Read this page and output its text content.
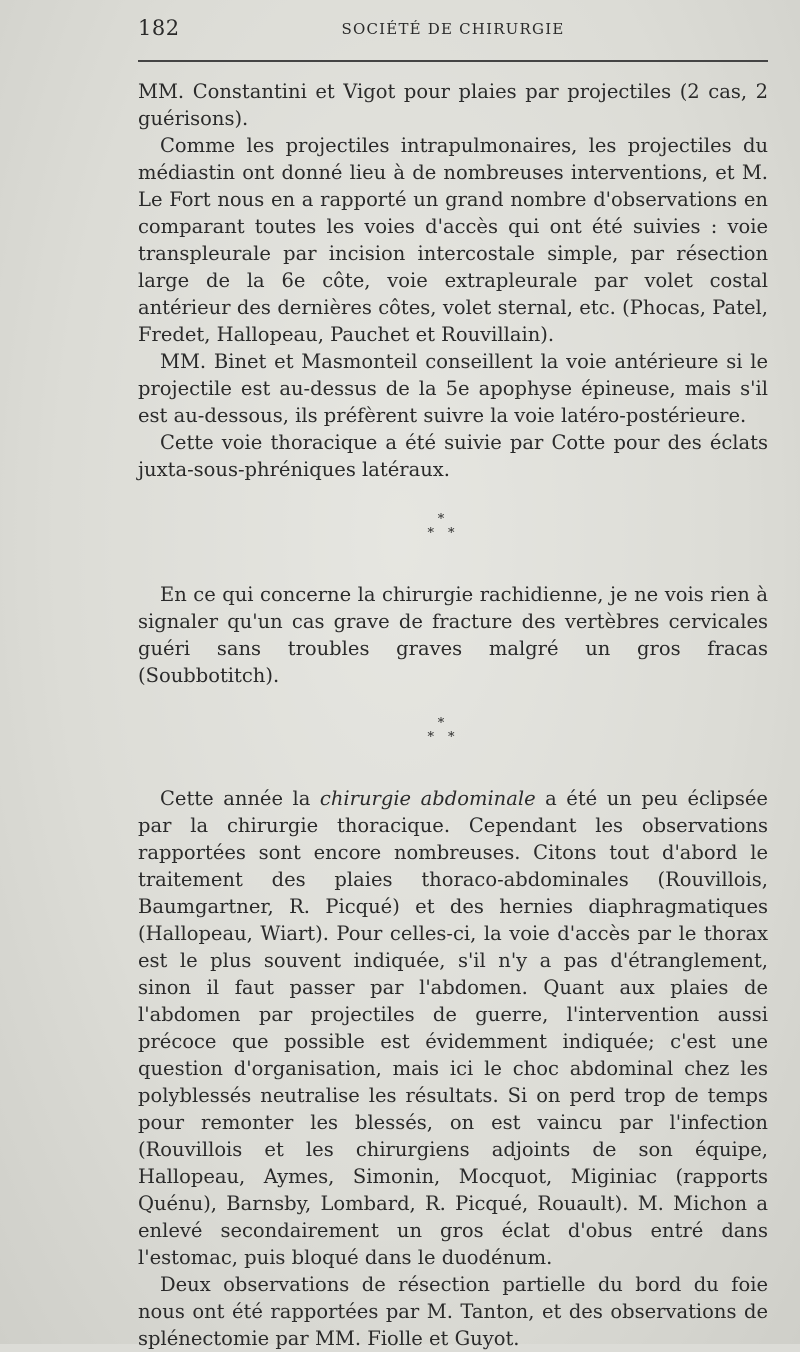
182	SOCIÉTÉ DE CHIRURGIE

MM. Constantini et Vigot pour plaies par projectiles (2 cas, 2 guérisons).

Comme les projectiles intrapulmonaires, les projectiles du médiastin ont donné lieu à de nombreuses interventions, et M. Le Fort nous en a rapporté un grand nombre d'observations en comparant toutes les voies d'accès qui ont été suivies : voie transpleurale par incision intercostale simple, par résection large de la 6e côte, voie extrapleurale par volet costal antérieur des dernières côtes, volet sternal, etc. (Phocas, Patel, Fredet, Hallopeau, Pauchet et Rouvillain).

MM. Binet et Masmonteil conseillent la voie antérieure si le projectile est au-dessus de la 5e apophyse épineuse, mais s'il est au-dessous, ils préfèrent suivre la voie latéro-postérieure.

Cette voie thoracique a été suivie par Cotte pour des éclats juxta-sous-phréniques latéraux.

*
**

En ce qui concerne la chirurgie rachidienne, je ne vois rien à signaler qu'un cas grave de fracture des vertèbres cervicales guéri sans troubles graves malgré un gros fracas (Soubbotitch).

*
**

Cette année la chirurgie abdominale a été un peu éclipsée par la chirurgie thoracique. Cependant les observations rapportées sont encore nombreuses. Citons tout d'abord le traitement des plaies thoraco-abdominales (Rouvillois, Baumgartner, R. Picqué) et des hernies diaphragmatiques (Hallopeau, Wiart). Pour celles-ci, la voie d'accès par le thorax est le plus souvent indiquée, s'il n'y a pas d'étranglement, sinon il faut passer par l'abdomen. Quant aux plaies de l'abdomen par projectiles de guerre, l'intervention aussi précoce que possible est évidemment indiquée; c'est une question d'organisation, mais ici le choc abdominal chez les polyblessés neutralise les résultats. Si on perd trop de temps pour remonter les blessés, on est vaincu par l'infection (Rouvillois et les chirurgiens adjoints de son équipe, Hallopeau, Aymes, Simonin, Mocquot, Miginiac (rapports Quénu), Barnsby, Lombard, R. Picqué, Rouault). M. Michon a enlevé secondairement un gros éclat d'obus entré dans l'estomac, puis bloqué dans le duodénum.

Deux observations de résection partielle du bord du foie nous ont été rapportées par M. Tanton, et des observations de splénectomie par MM. Fiolle et Guyot.
